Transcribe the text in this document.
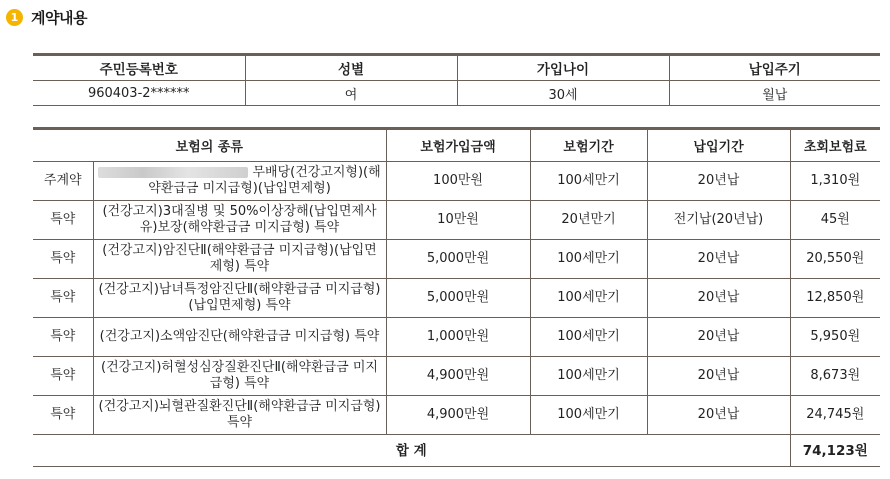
1 계약내용
주민등록번호	성별	가입나이	납입주기
960403-2******	여	30세	월납
보험의 종류		보험가입금액	보험기간	납입기간	초회보험료
주계약	무배당(건강고지형)(해약환급금 미지급형)(납입면제형)	100만원	100세만기	20년납	1,310원
특약	(건강고지)3대질병 및 50%이상장해(납입면제사유)보장(해약환급금 미지급형) 특약	10만원	20년만기	전기납(20년납)	45원
특약	(건강고지)암진단Ⅱ(해약환급금 미지급형)(납입면제형) 특약	5,000만원	100세만기	20년납	20,550원
특약	(건강고지)남녀특정암진단Ⅱ(해약환급금 미지급형)(납입면제형) 특약	5,000만원	100세만기	20년납	12,850원
특약	(건강고지)소액암진단(해약환급금 미지급형) 특약	1,000만원	100세만기	20년납	5,950원
특약	(건강고지)허혈성심장질환진단Ⅱ(해약환급금 미지급형) 특약	4,900만원	100세만기	20년납	8,673원
특약	(건강고지)뇌혈관질환진단Ⅱ(해약환급금 미지급형) 특약	4,900만원	100세만기	20년납	24,745원
합 계					74,123원
